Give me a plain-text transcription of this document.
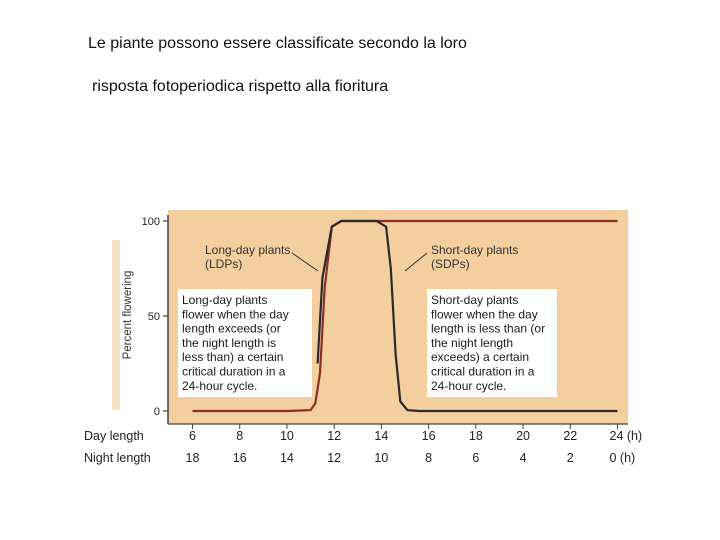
Le piante possono essere classificate secondo la loro
risposta fotoperiodica rispetto alla fioritura
0
50
100
Percent flowering
Day length	6	8	10	12	14	16	18	20	22	24 (h)
Night length	18	16	14	12	10	8	6	4	2	0 (h)
Long-day plants
flower when the day
length exceeds (or
the night length is
less than) a certain
critical duration in a
24-hour cycle.
Short-day plants
flower when the day
length is less than (or
the night length
exceeds) a certain
critical duration in a
24-hour cycle.
Long-day plants
(LDPs)
Short-day plants
(SDPs)
